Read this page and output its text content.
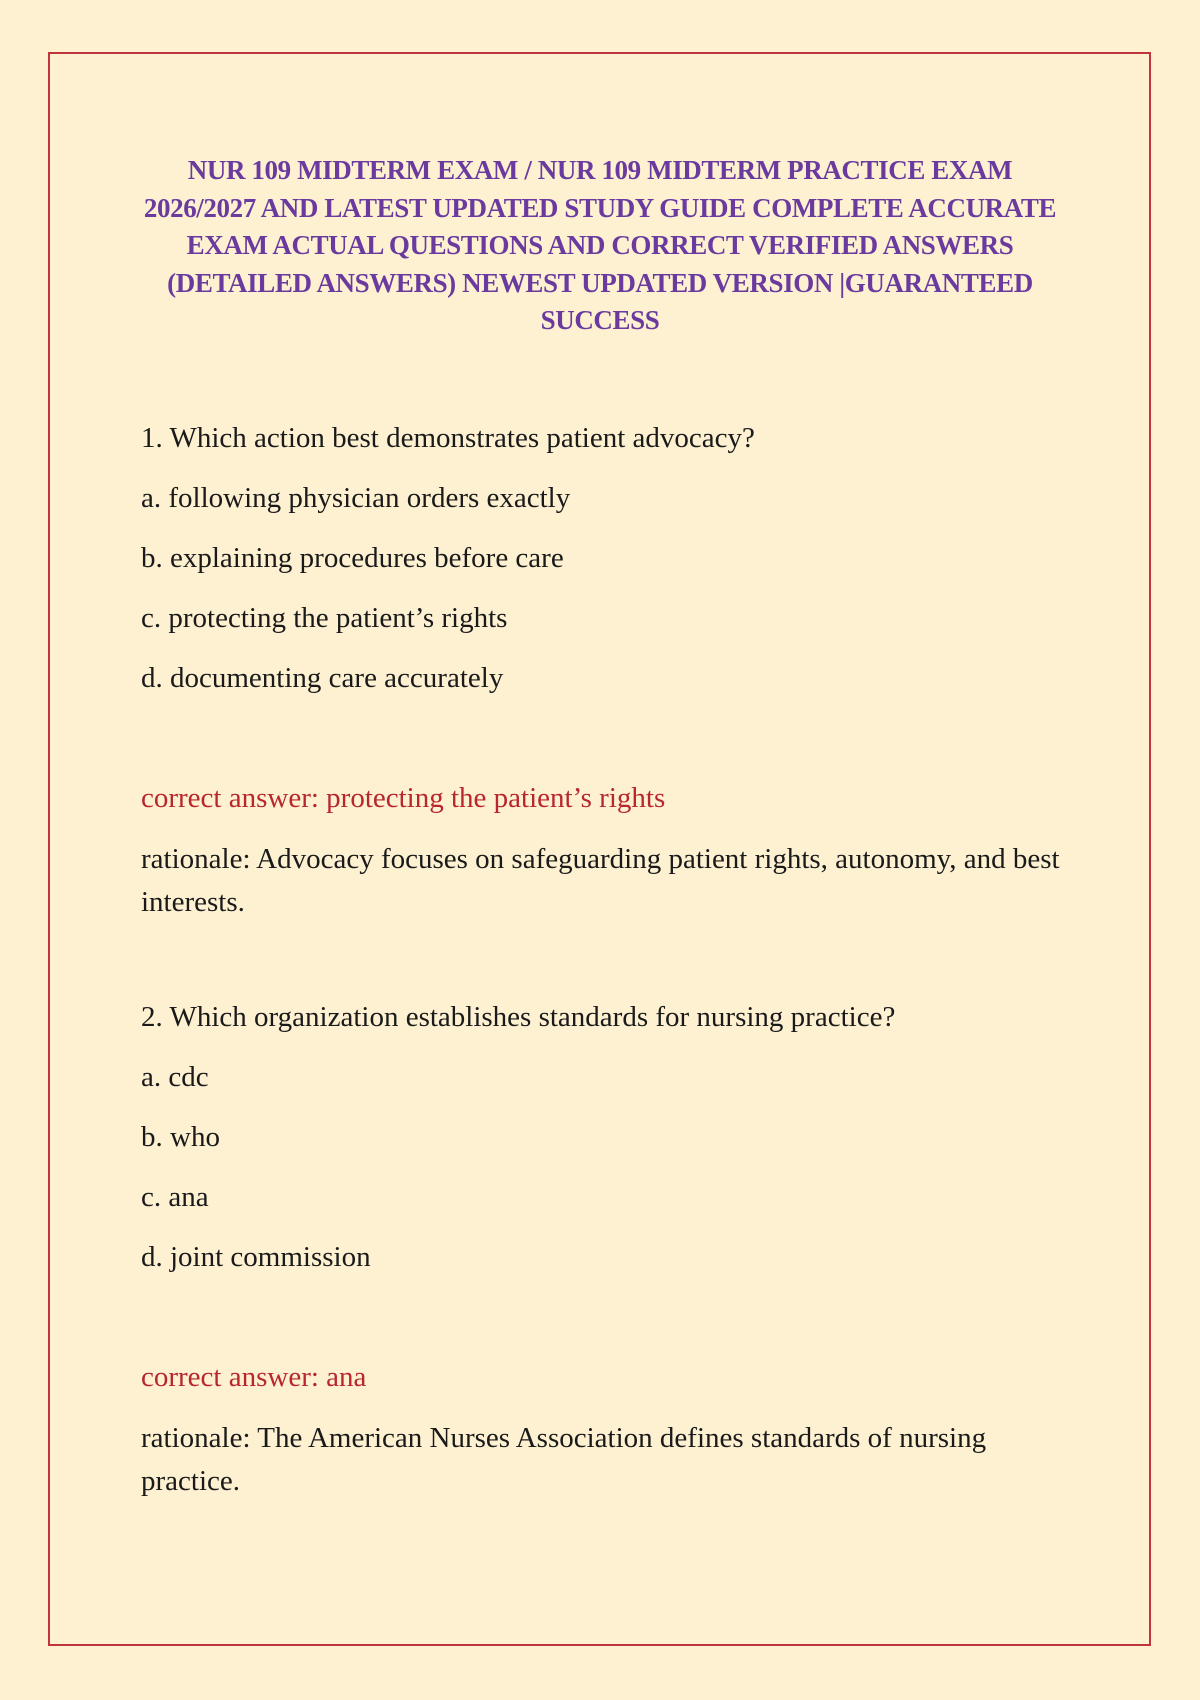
NUR 109 MIDTERM EXAM / NUR 109 MIDTERM PRACTICE EXAM 2026/2027 AND LATEST UPDATED STUDY GUIDE COMPLETE ACCURATE EXAM ACTUAL QUESTIONS AND CORRECT VERIFIED ANSWERS (DETAILED ANSWERS) NEWEST UPDATED VERSION |GUARANTEED SUCCESS

1. Which action best demonstrates patient advocacy?

a. following physician orders exactly

b. explaining procedures before care

c. protecting the patient’s rights

d. documenting care accurately

correct answer: protecting the patient’s rights

rationale: Advocacy focuses on safeguarding patient rights, autonomy, and best interests.

2. Which organization establishes standards for nursing practice?

a. cdc

b. who

c. ana

d. joint commission

correct answer: ana

rationale: The American Nurses Association defines standards of nursing practice.
